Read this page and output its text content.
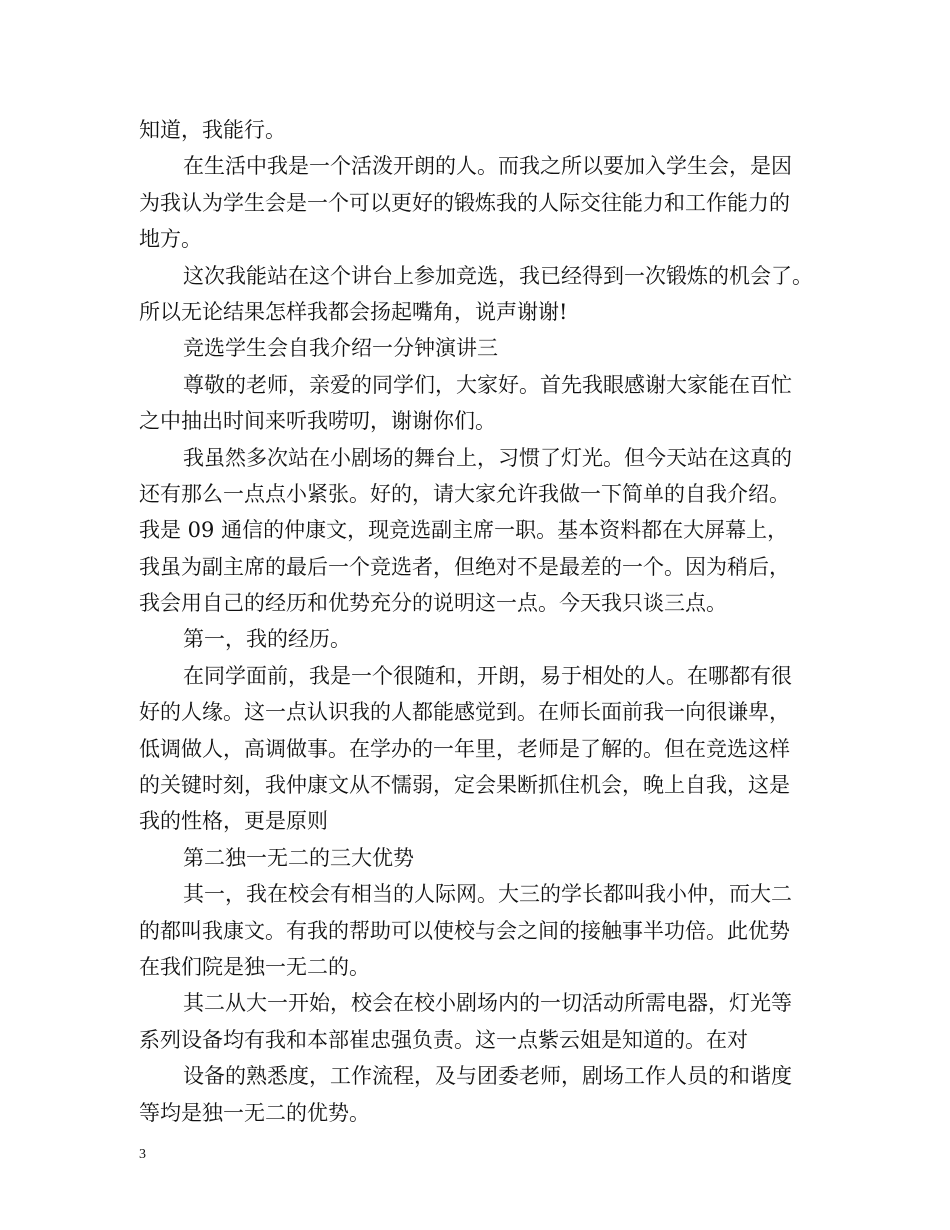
知道，我能行。
在生活中我是一个活泼开朗的人。而我之所以要加入学生会，是因
为我认为学生会是一个可以更好的锻炼我的人际交往能力和工作能力的
地方。
这次我能站在这个讲台上参加竞选，我已经得到一次锻炼的机会了。
所以无论结果怎样我都会扬起嘴角，说声谢谢!
竞选学生会自我介绍一分钟演讲三
尊敬的老师，亲爱的同学们，大家好。首先我眼感谢大家能在百忙
之中抽出时间来听我唠叨，谢谢你们。
我虽然多次站在小剧场的舞台上，习惯了灯光。但今天站在这真的
还有那么一点点小紧张。好的，请大家允许我做一下简单的自我介绍。
我是 09 通信的仲康文，现竞选副主席一职。基本资料都在大屏幕上，
我虽为副主席的最后一个竞选者，但绝对不是最差的一个。因为稍后，
我会用自己的经历和优势充分的说明这一点。今天我只谈三点。
第一，我的经历。
在同学面前，我是一个很随和，开朗，易于相处的人。在哪都有很
好的人缘。这一点认识我的人都能感觉到。在师长面前我一向很谦卑，
低调做人，高调做事。在学办的一年里，老师是了解的。但在竞选这样
的关键时刻，我仲康文从不懦弱，定会果断抓住机会，晚上自我，这是
我的性格，更是原则
第二独一无二的三大优势
其一，我在校会有相当的人际网。大三的学长都叫我小仲，而大二
的都叫我康文。有我的帮助可以使校与会之间的接触事半功倍。此优势
在我们院是独一无二的。
其二从大一开始，校会在校小剧场内的一切活动所需电器，灯光等
系列设备均有我和本部崔忠强负责。这一点紫云姐是知道的。在对
设备的熟悉度，工作流程，及与团委老师，剧场工作人员的和谐度
等均是独一无二的优势。
3
